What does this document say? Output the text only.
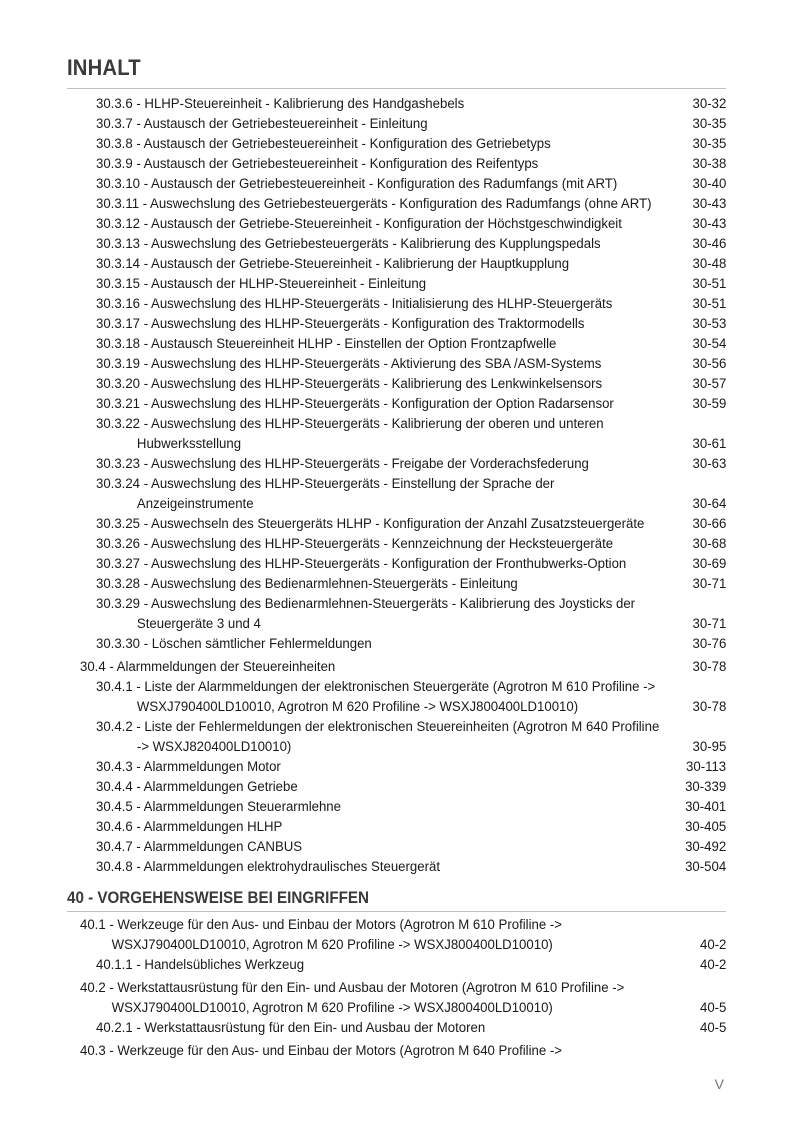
INHALT
30.3.6 - HLHP-Steuereinheit - Kalibrierung des Handgashebels	30-32
30.3.7 - Austausch der Getriebesteuereinheit - Einleitung	30-35
30.3.8 - Austausch der Getriebesteuereinheit - Konfiguration des Getriebetyps	30-35
30.3.9 - Austausch der Getriebesteuereinheit - Konfiguration des Reifentyps	30-38
30.3.10 - Austausch der Getriebesteuereinheit - Konfiguration des Radumfangs (mit ART)	30-40
30.3.11 - Auswechslung des Getriebesteuergeräts - Konfiguration des Radumfangs (ohne ART)	30-43
30.3.12 - Austausch der Getriebe-Steuereinheit - Konfiguration der Höchstgeschwindigkeit	30-43
30.3.13 - Auswechslung des Getriebesteuergeräts - Kalibrierung des Kupplungspedals	30-46
30.3.14 - Austausch der Getriebe-Steuereinheit - Kalibrierung der Hauptkupplung	30-48
30.3.15 - Austausch der HLHP-Steuereinheit - Einleitung	30-51
30.3.16 - Auswechslung des HLHP-Steuergeräts - Initialisierung des HLHP-Steuergeräts	30-51
30.3.17 - Auswechslung des HLHP-Steuergeräts - Konfiguration des Traktormodells	30-53
30.3.18 - Austausch Steuereinheit HLHP - Einstellen der Option Frontzapfwelle	30-54
30.3.19 - Auswechslung des HLHP-Steuergeräts - Aktivierung des SBA /ASM-Systems	30-56
30.3.20 - Auswechslung des HLHP-Steuergeräts - Kalibrierung des Lenkwinkelsensors	30-57
30.3.21 - Auswechslung des HLHP-Steuergeräts - Konfiguration der Option Radarsensor	30-59
30.3.22 - Auswechslung des HLHP-Steuergeräts - Kalibrierung der oberen und unteren
Hubwerksstellung	30-61
30.3.23 - Auswechslung des HLHP-Steuergeräts - Freigabe der Vorderachsfederung	30-63
30.3.24 - Auswechslung des HLHP-Steuergeräts - Einstellung der Sprache der
Anzeigeinstrumente	30-64
30.3.25 - Auswechseln des Steuergeräts HLHP - Konfiguration der Anzahl Zusatzsteuergeräte	30-66
30.3.26 - Auswechslung des HLHP-Steuergeräts - Kennzeichnung der Hecksteuergeräte	30-68
30.3.27 - Auswechslung des HLHP-Steuergeräts - Konfiguration der Fronthubwerks-Option	30-69
30.3.28 - Auswechslung des Bedienarmlehnen-Steuergeräts - Einleitung	30-71
30.3.29 - Auswechslung des Bedienarmlehnen-Steuergeräts - Kalibrierung des Joysticks der
Steuergeräte 3 und 4	30-71
30.3.30 - Löschen sämtlicher Fehlermeldungen	30-76
30.4 - Alarmmeldungen der Steuereinheiten	30-78
30.4.1 - Liste der Alarmmeldungen der elektronischen Steuergeräte (Agrotron M 610 Profiline ->
WSXJ790400LD10010, Agrotron M 620 Profiline -> WSXJ800400LD10010)	30-78
30.4.2 - Liste der Fehlermeldungen der elektronischen Steuereinheiten (Agrotron M 640 Profiline
-> WSXJ820400LD10010)	30-95
30.4.3 - Alarmmeldungen Motor	30-113
30.4.4 - Alarmmeldungen Getriebe	30-339
30.4.5 - Alarmmeldungen Steuerarmlehne	30-401
30.4.6 - Alarmmeldungen HLHP	30-405
30.4.7 - Alarmmeldungen CANBUS	30-492
30.4.8 - Alarmmeldungen elektrohydraulisches Steuergerät	30-504
40 - VORGEHENSWEISE BEI EINGRIFFEN
40.1 - Werkzeuge für den Aus- und Einbau der Motors (Agrotron M 610 Profiline ->
WSXJ790400LD10010, Agrotron M 620 Profiline -> WSXJ800400LD10010)	40-2
40.1.1 - Handelsübliches Werkzeug	40-2
40.2 - Werkstattausrüstung für den Ein- und Ausbau der Motoren (Agrotron M 610 Profiline ->
WSXJ790400LD10010, Agrotron M 620 Profiline -> WSXJ800400LD10010)	40-5
40.2.1 - Werkstattausrüstung für den Ein- und Ausbau der Motoren	40-5
40.3 - Werkzeuge für den Aus- und Einbau der Motors (Agrotron M 640 Profiline ->
V
